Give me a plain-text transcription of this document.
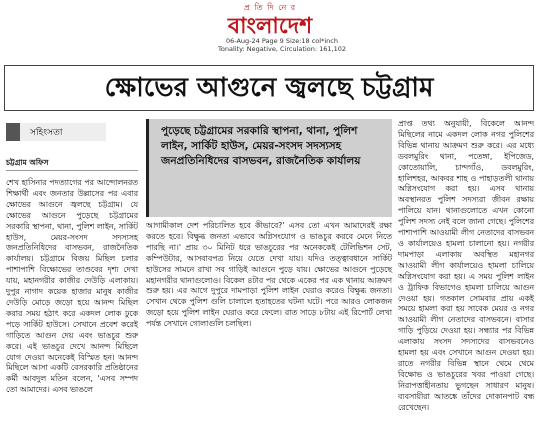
প্র তি দি নে র
বাংলাদেশ
06-Aug-24 Page 9 Size:18 col*inch
Tonality: Negative, Circulation: 161,102
ক্ষোভের আগুনে জ্বলছে চট্টগ্রাম
সহিংসতা
চট্টগ্রাম অফিস
পুড়েছে চট্টগ্রামের সরকারি স্থাপনা, থানা, পুলিশ লাইন, সার্কিট হাউস, মেয়র-সংসদ সদস্যসহ জনপ্রতিনিধিদের বাসভবন, রাজনৈতিক কার্যালয়

শেখ হাসিনার পদত্যাগের পর আন্দোলনরত শিক্ষার্থী এবং জনতার উল্লাসের পর এবার ক্ষোভের আগুনে জ্বলছে চট্টগ্রাম। যে ক্ষোভের আগুনে পুড়েছে চট্টগ্রামের সরকারি স্থাপনা, থানা, পুলিশ লাইন, সার্কিট হাউস, মেয়র-সংসদ সদস্যসহ জনপ্রতিনিধিদের বাসভবন, রাজনৈতিক কার্যালয়। চট্টগ্রামে বিজয় মিছিল চলার পাশাপাশি বিক্ষোভের তাণ্ডবের দৃশ্য দেখা যায়, মহানগরীর কাজীর দেউড়ি এলাকায়। দুপুর নাগাদ কয়েক হাজার মানুষ কাজীর দেউড়ি মোড়ে জড়ো হয়ে আনন্দ মিছিল করার সময় হঠাৎ করে একদল লোক ঢুকে পড়ে সার্কিট হাউসে। সেখানে প্রবেশ করেই গাড়িতে আগুন দেয় এবং ভাঙচুর শুরু করে। এই ভাঙচুর দেখে আনন্দ মিছিলে যোগ দেওয়া অনেকেই বিস্মিত হন। আনন্দ মিছিলে আসা একটি বেসরকারি প্রতিষ্ঠানের কর্মী আবদুল মতিন বলেন, 'এসব সম্পদ তো আমাদের। এসব ভাঙলে

আগামীকাল দেশ পরিচালিত হবে কীভাবে?' এসব তো এখন আমাদেরই রক্ষা করতে হবে। বিক্ষুব্ধ জনতা এভাবে অগ্নিসংযোগ ও ভাঙচুর করবে মেনে নিতে পারছি না।' প্রায় ৩০ মিনিট ধরে ভাঙচুরের পর অনেককেই টেলিভিশন সেট, কম্পিউটার, আসবাবপত্র নিয়ে যেতে দেখা যায়। যদিও তত্ত্বাবধানে সার্কিট হাউসের সামনে রাখা সব গাড়িই আগুনে পুড়ে যায়। ক্ষোভের আগুনে পুড়েছে মহানগরীর থানাগুলোও। বিকেল ৪টার পর থেকে একের পর এক থানায় আক্রমণ শুরু হয়। এর আগে দুপুরে দামপাড়া পুলিশ লাইন ঘেরাও করেও বিক্ষুব্ধ জনতা। সেখান থেকে পুলিশ গুলি চালালে হতাহতের ঘটনা ঘটে। পরে আরও লোকজন জড়ো হয়ে পুলিশ লাইন ঘেরাও করে ফেলে। রাত সাড়ে ৮টায় এই রিপোর্ট লেখা পর্যন্ত সেখানে গোলাগুলি চলছিল।

প্রাপ্ত তথ্য অনুযায়ী, বিকেলে আনন্দ মিছিলের নামে একদল লোক নগর পুলিশের বিভিন্ন থানায় আক্রমণ শুরু করে। এর মধ্যে ডবলমুরিং থানা, পতেঙ্গা, ইপিজেড, কোতোয়ালি, চান্দগাঁও, ডবলমুরিং, হালিশহর, আকবর শাহ ও পাহাড়তলী থানায় অগ্নিসংযোগ করা হয়। এসব থানায় অবস্থানরত পুলিশ সদস্যরা জীবন রক্ষায় পালিয়ে যান। থানাগুলোতে এখন কোনো পুলিশ সদস্য নেই বলে জানা গেছে। পুলিশের পাশাপাশি আওয়ামী লীগ নেতাদের বাসভবন ও কার্যালয়েও হামলা চালানো হয়। নগরীর দামপাড়া এলাকায় অবস্থিত মহানগর আওয়ামী লীগ কার্যালয়েও হামলা চালিয়ে অগ্নিসংযোগ করা হয়। এ সময় পুলিশ লাইন ও ট্রাফিক বিভাগেও হামলা চালিয়ে আগুন দেওয়া হয়। গতকাল সোমবার প্রায় একই সময়ে হামলা করা হয় সাবেক মেয়র ও নগর আওয়ামী লীগ নেতাদের বাসভবনে। বাসার গাড়ি পুড়িয়ে দেওয়া হয়। সন্ধ্যার পর বিভিন্ন এলাকায় সংসদ সদস্যদের বাসভবনেও হামলা হয় এবং সেখানে আগুন দেওয়া হয়। রাতে নগরীর বিভিন্ন স্থানে থেমে থেমে বিক্ষোভ ও ভাঙচুরের খবর পাওয়া গেছে। নিরাপত্তাহীনতায় ভুগছেন সাধারণ মানুষ। ব্যবসায়ীরা আতঙ্কে তাঁদের দোকানপাট বন্ধ রেখেছেন।
